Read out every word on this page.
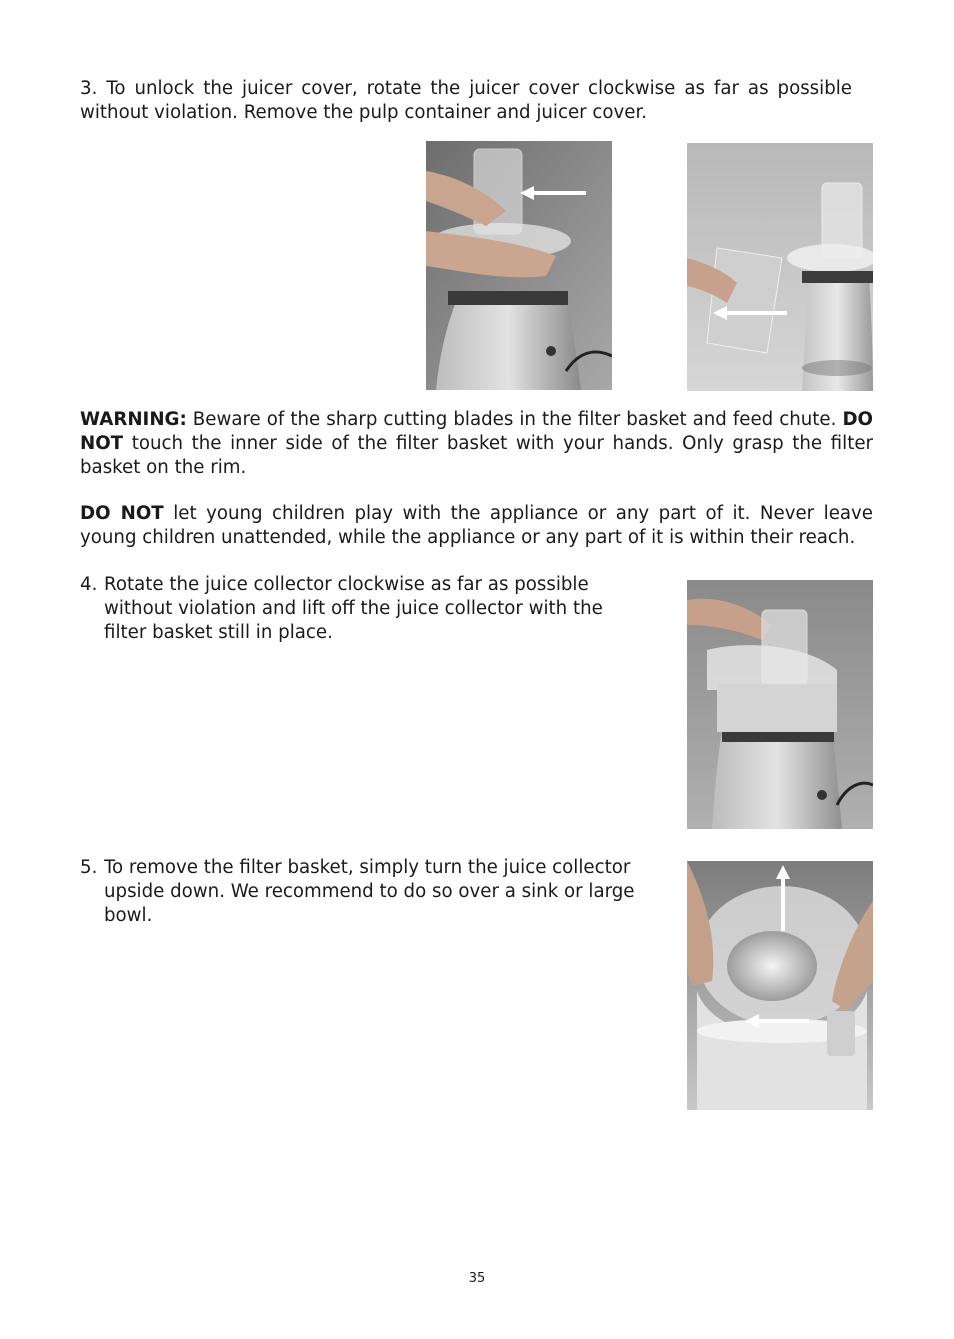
3. To unlock the juicer cover, rotate the juicer cover clockwise as far as possible without violation. Remove the pulp container and juicer cover.
WARNING: Beware of the sharp cutting blades in the filter basket and feed chute. DO NOT touch the inner side of the filter basket with your hands. Only grasp the filter basket on the rim.
DO NOT let young children play with the appliance or any part of it. Never leave young children unattended, while the appliance or any part of it is within their reach.
4. Rotate the juice collector clockwise as far as possible without violation and lift off the juice collector with the filter basket still in place.
5. To remove the filter basket, simply turn the juice collector upside down. We recommend to do so over a sink or large bowl.
35
